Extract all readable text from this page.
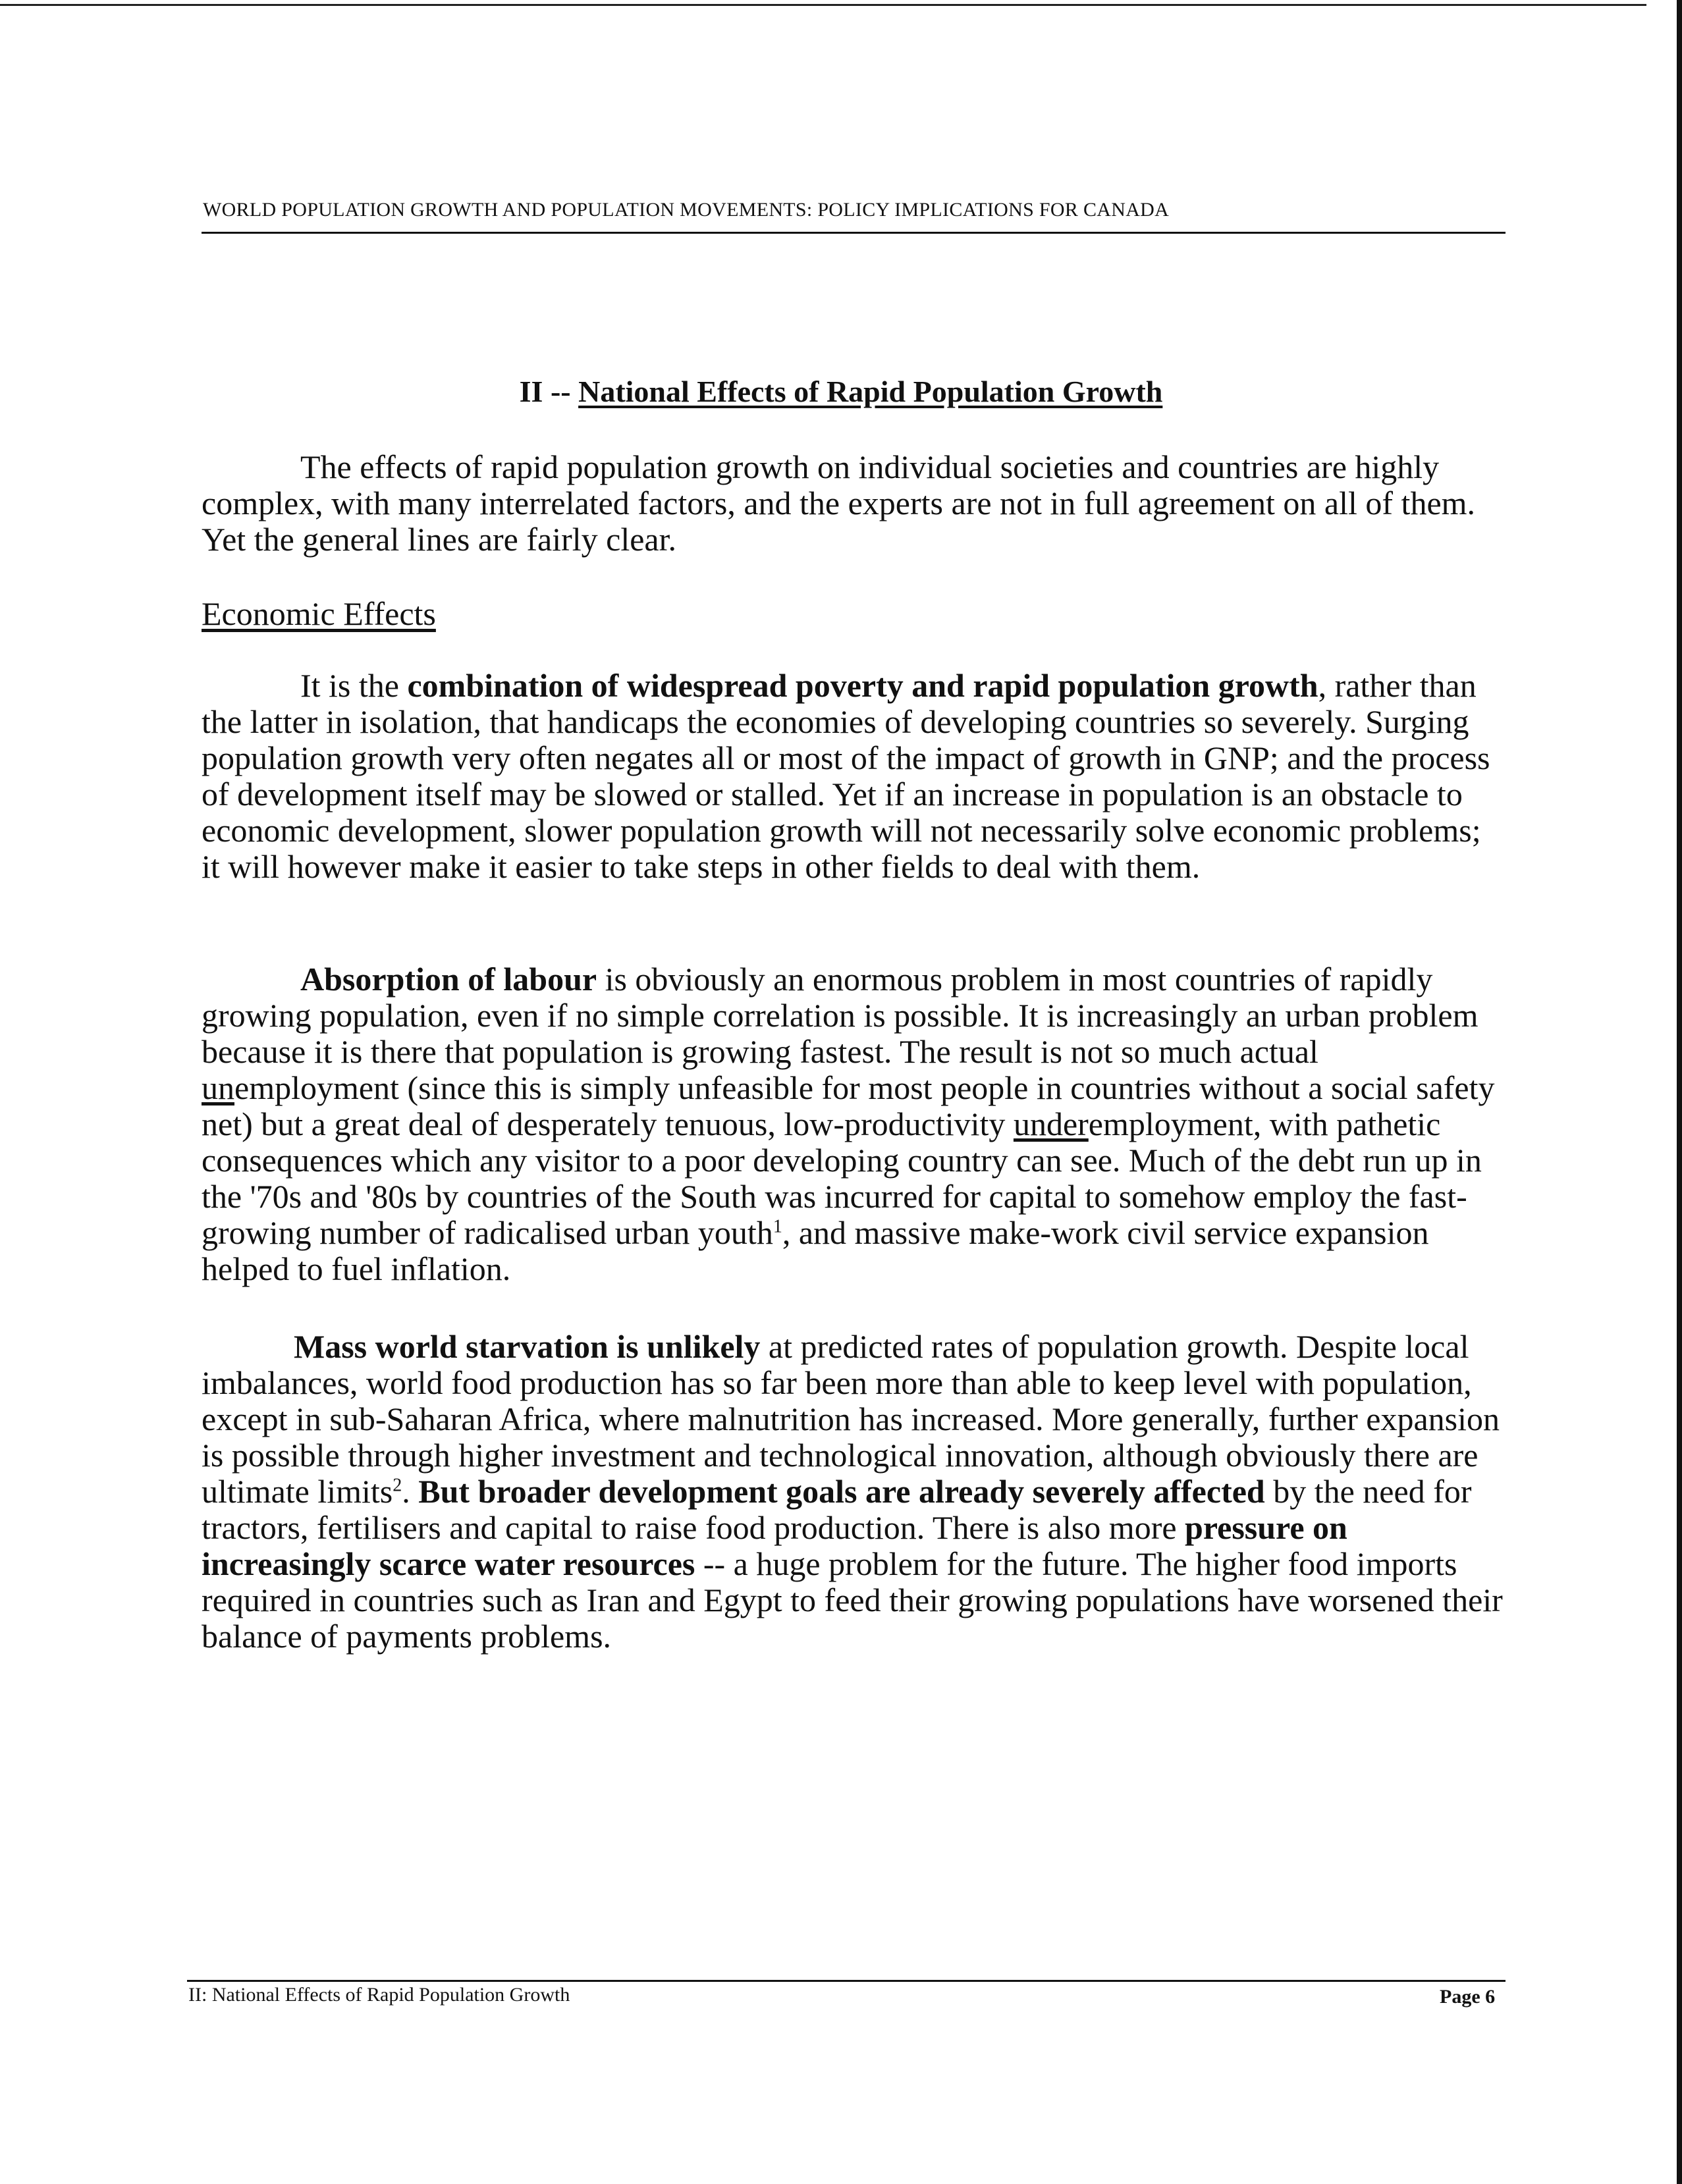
WORLD POPULATION GROWTH AND POPULATION MOVEMENTS: POLICY IMPLICATIONS FOR CANADA
II -- National Effects of Rapid Population Growth

The effects of rapid population growth on individual societies and countries are highly complex, with many interrelated factors, and the experts are not in full agreement on all of them. Yet the general lines are fairly clear.

Economic Effects

It is the combination of widespread poverty and rapid population growth, rather than the latter in isolation, that handicaps the economies of developing countries so severely. Surging population growth very often negates all or most of the impact of growth in GNP; and the process of development itself may be slowed or stalled. Yet if an increase in population is an obstacle to economic development, slower population growth will not necessarily solve economic problems; it will however make it easier to take steps in other fields to deal with them.

Absorption of labour is obviously an enormous problem in most countries of rapidly growing population, even if no simple correlation is possible. It is increasingly an urban problem because it is there that population is growing fastest. The result is not so much actual unemployment (since this is simply unfeasible for most people in countries without a social safety net) but a great deal of desperately tenuous, low-productivity underemployment, with pathetic consequences which any visitor to a poor developing country can see. Much of the debt run up in the '70s and '80s by countries of the South was incurred for capital to somehow employ the fast-growing number of radicalised urban youth$^1$, and massive make-work civil service expansion helped to fuel inflation.

Mass world starvation is unlikely at predicted rates of population growth. Despite local imbalances, world food production has so far been more than able to keep level with population, except in sub-Saharan Africa, where malnutrition has increased. More generally, further expansion is possible through higher investment and technological innovation, although obviously there are ultimate limits$^2$. But broader development goals are already severely affected by the need for tractors, fertilisers and capital to raise food production. There is also more pressure on increasingly scarce water resources -- a huge problem for the future. The higher food imports required in countries such as Iran and Egypt to feed their growing populations have worsened their balance of payments problems.

II: National Effects of Rapid Population Growth	Page 6
